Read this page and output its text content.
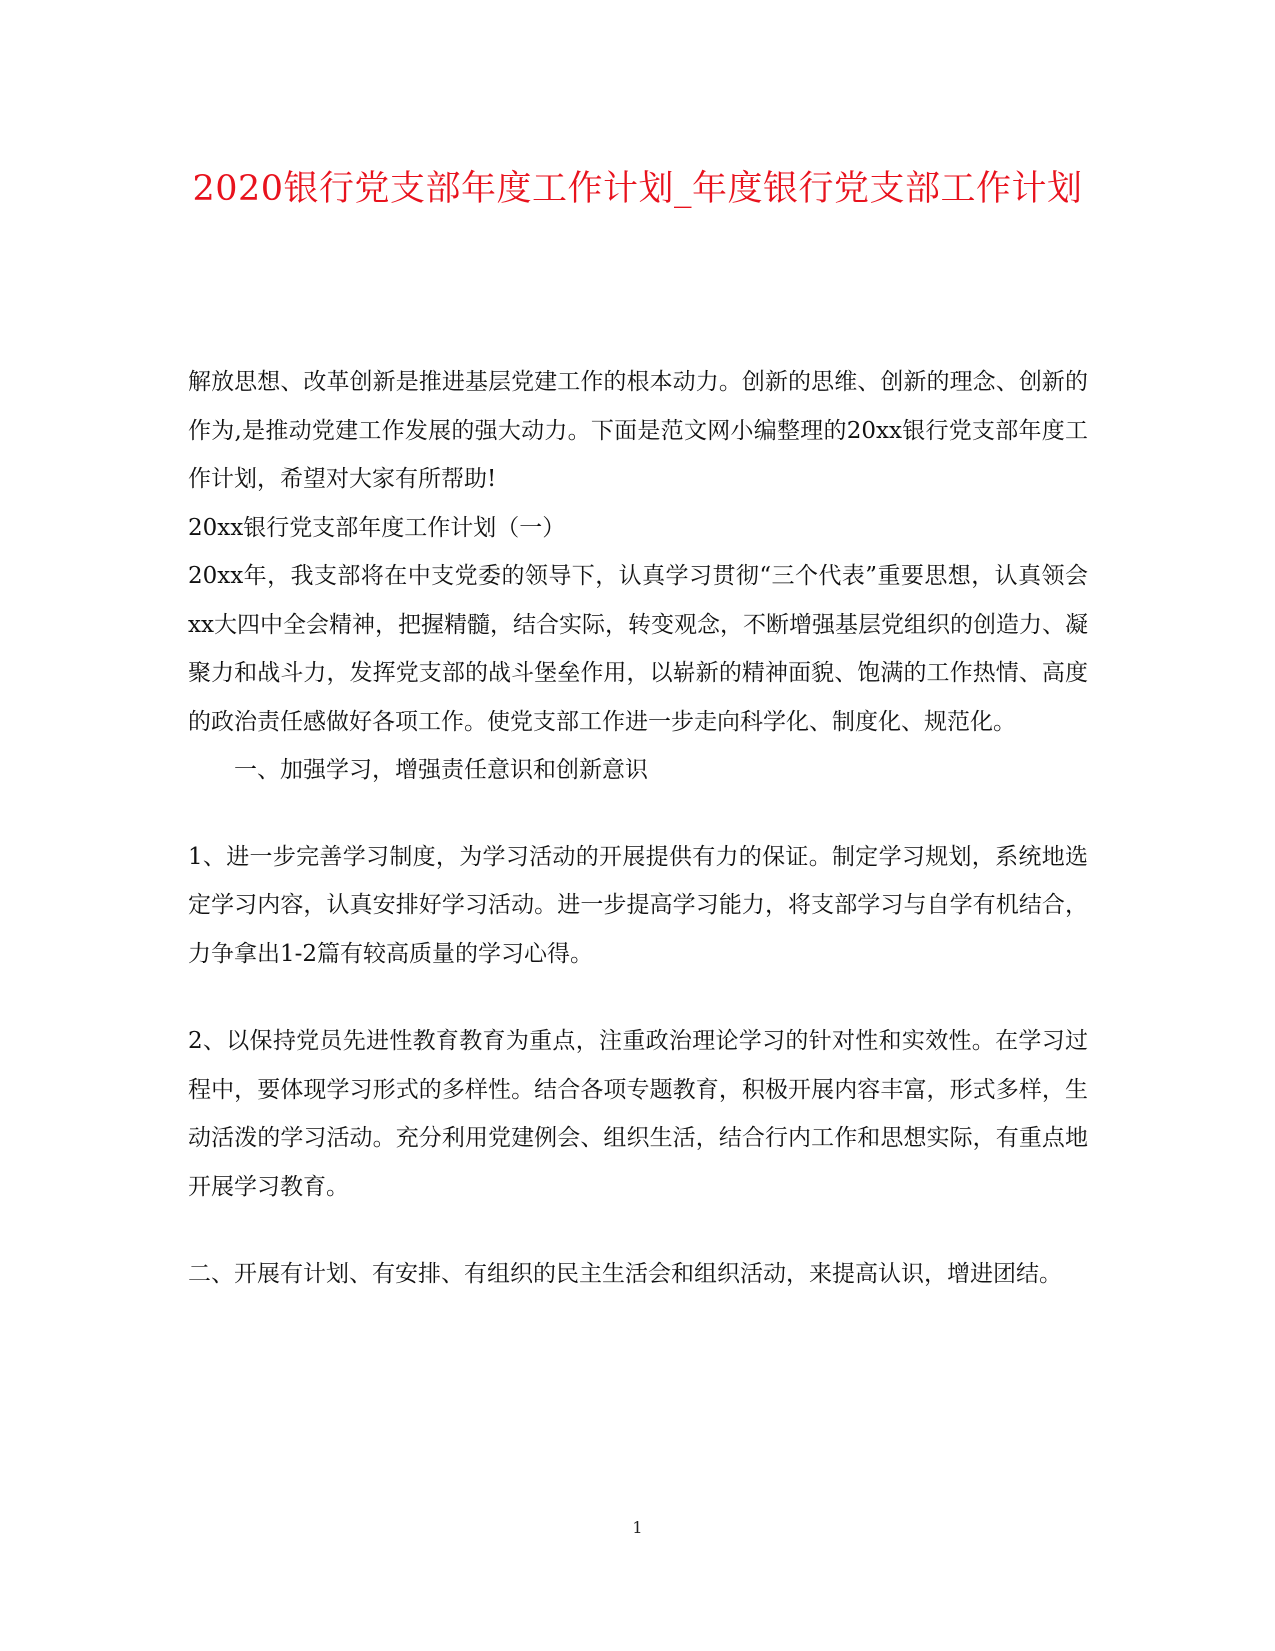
2020银行党支部年度工作计划_年度银行党支部工作计划

解放思想、改革创新是推进基层党建工作的根本动力。创新的思维、创新的理念、创新的作为,是推动党建工作发展的强大动力。下面是范文网小编整理的20xx银行党支部年度工作计划，希望对大家有所帮助!

20xx银行党支部年度工作计划（一）

20xx年，我支部将在中支党委的领导下，认真学习贯彻“三个代表”重要思想，认真领会xx大四中全会精神，把握精髓，结合实际，转变观念，不断增强基层党组织的创造力、凝聚力和战斗力，发挥党支部的战斗堡垒作用，以崭新的精神面貌、饱满的工作热情、高度的政治责任感做好各项工作。使党支部工作进一步走向科学化、制度化、规范化。

一、加强学习，增强责任意识和创新意识

1、进一步完善学习制度，为学习活动的开展提供有力的保证。制定学习规划，系统地选定学习内容，认真安排好学习活动。进一步提高学习能力，将支部学习与自学有机结合，力争拿出1-2篇有较高质量的学习心得。

2、以保持党员先进性教育教育为重点，注重政治理论学习的针对性和实效性。在学习过程中，要体现学习形式的多样性。结合各项专题教育，积极开展内容丰富，形式多样，生动活泼的学习活动。充分利用党建例会、组织生活，结合行内工作和思想实际，有重点地开展学习教育。

二、开展有计划、有安排、有组织的民主生活会和组织活动，来提高认识，增进团结。

1
